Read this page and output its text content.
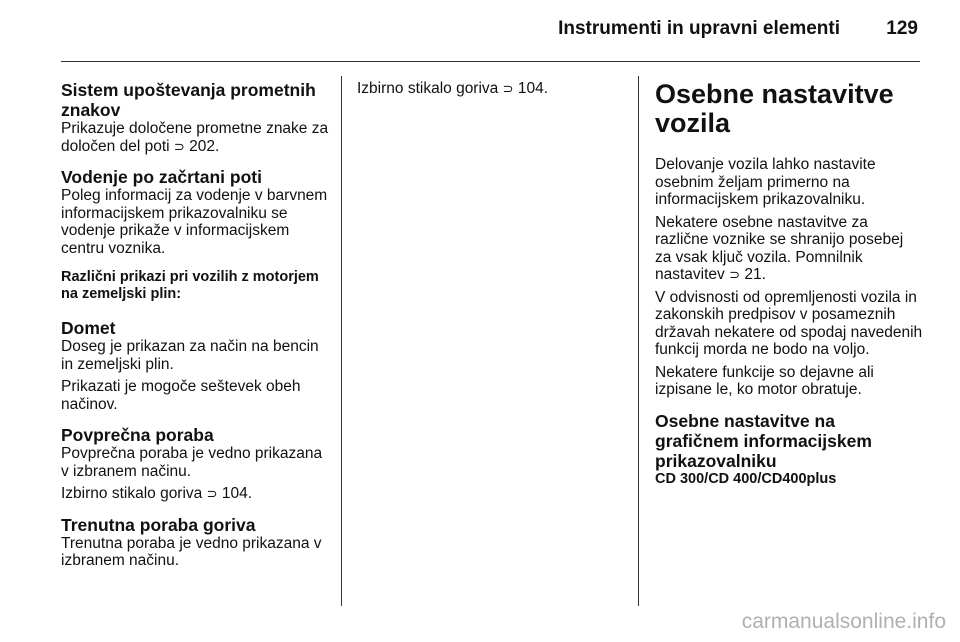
Instrumenti in upravni elementi 129
Sistem upoštevanja prometnih znakov

Prikazuje določene prometne znake za določen del poti ⊃ 202.

Vodenje po začrtani poti

Poleg informacij za vodenje v barvnem informacijskem prikazovalniku se vodenje prikaže v informacijskem centru voznika.

Različni prikazi pri vozilih z motorjem na zemeljski plin:

Domet

Doseg je prikazan za način na bencin in zemeljski plin.

Prikazati je mogoče seštevek obeh načinov.

Povprečna poraba

Povprečna poraba je vedno prikazana v izbranem načinu.

Izbirno stikalo goriva ⊃ 104.

Trenutna poraba goriva

Trenutna poraba je vedno prikazana v izbranem načinu.

Izbirno stikalo goriva ⊃ 104.	Osebne nastavitve vozila

Delovanje vozila lahko nastavite osebnim željam primerno na informacijskem prikazovalniku.

Nekatere osebne nastavitve za različne voznike se shranijo posebej za vsak ključ vozila. Pomnilnik nastavitev ⊃ 21.

V odvisnosti od opremljenosti vozila in zakonskih predpisov v posameznih državah nekatere od spodaj navedenih funkcij morda ne bodo na voljo.

Nekatere funkcije so dejavne ali izpisane le, ko motor obratuje.

Osebne nastavitve na grafičnem informacijskem prikazovalniku

CD 300/CD 400/CD400plus

carmanualsonline.info
